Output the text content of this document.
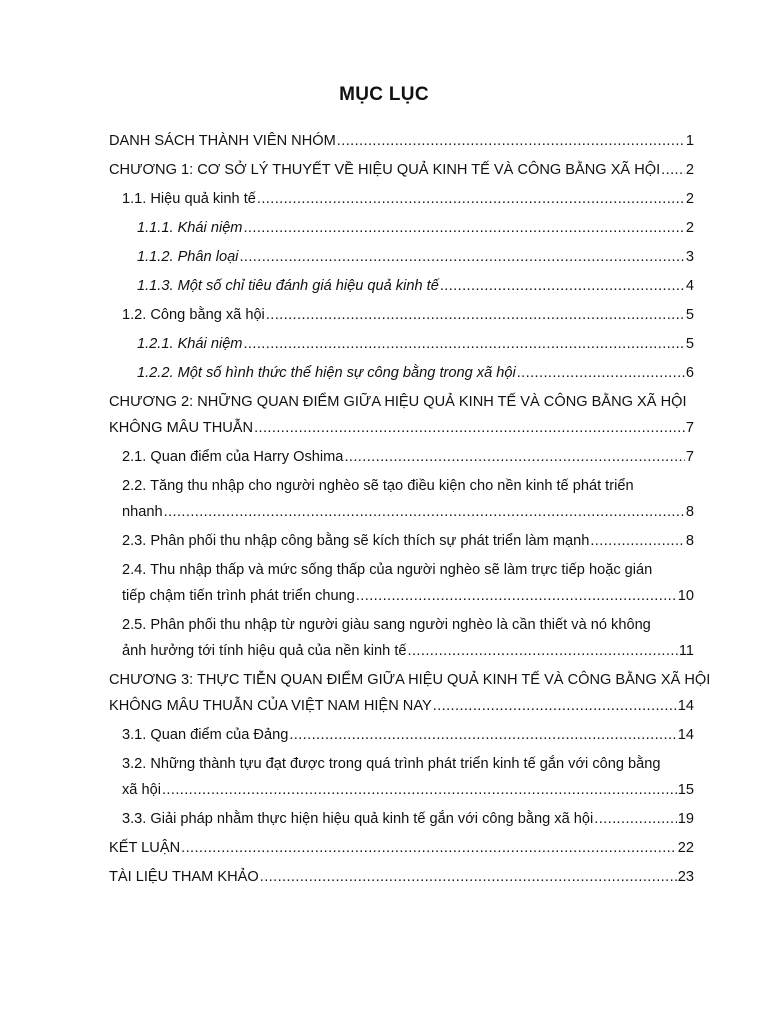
MỤC LỤC
DANH SÁCH THÀNH VIÊN NHÓM .....	1
CHƯƠNG 1: CƠ SỞ LÝ THUYẾT VỀ HIỆU QUẢ KINH TẾ VÀ CÔNG BẰNG XÃ HỘI ..... 2
1.1. Hiệu quả kinh tế .....	2
1.1.1. Khái niệm .....	2
1.1.2. Phân loại .....	3
1.1.3. Một số chỉ tiêu đánh giá hiệu quả kinh tế .....	4
1.2. Công bằng xã hội .....	5
1.2.1. Khái niệm .....	5
1.2.2. Một số hình thức thể hiện sự công bằng trong xã hội .....	6
CHƯƠNG 2: NHỮNG QUAN ĐIỂM GIỮA HIỆU QUẢ KINH TẾ VÀ CÔNG BẰNG XÃ HỘI
KHÔNG MÂU THUẪN .....	7
2.1. Quan điểm của Harry Oshima .....	7
2.2. Tăng thu nhập cho người nghèo sẽ tạo điều kiện cho nền kinh tế phát triển
nhanh .....	8
2.3. Phân phối thu nhập công bằng sẽ kích thích sự phát triển làm mạnh .....	8
2.4. Thu nhập thấp và mức sống thấp của người nghèo sẽ làm trực tiếp hoặc gián
tiếp chậm tiến trình phát triển chung .....	10
2.5. Phân phối thu nhập từ người giàu sang người nghèo là cần thiết và nó không
ảnh hưởng tới tính hiệu quả của nền kinh tế .....	11
CHƯƠNG 3: THỰC TIỄN QUAN ĐIỂM GIỮA HIỆU QUẢ KINH TẾ VÀ CÔNG BẰNG XÃ HỘI
KHÔNG MÂU THUẪN CỦA VIỆT NAM HIỆN NAY .....	14
3.1. Quan điểm của Đảng .....	14
3.2. Những thành tựu đạt được trong quá trình phát triển kinh tế gắn với công bằng
xã hội .....	15
3.3. Giải pháp nhằm thực hiện hiệu quả kinh tế gắn với công bằng xã hội .....	19
KẾT LUẬN .....	22
TÀI LIỆU THAM KHẢO .....	23
